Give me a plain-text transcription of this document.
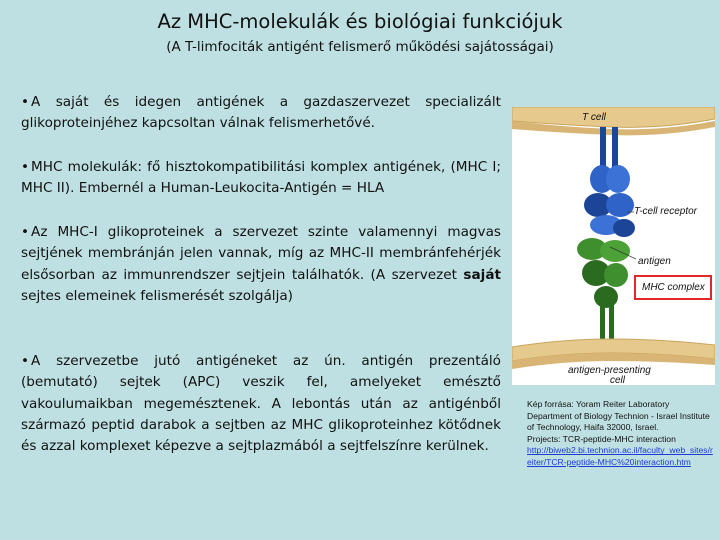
Az MHC-molekulák és biológiai funkciójuk
(A T-limfociták antigént felismerő működési sajátosságai)
• A saját és idegen antigének a gazdaszervezet specializált glikoproteinjéhez kapcsoltan válnak felismerhetővé.
• MHC molekulák: fő hisztokompatibilitási komplex antigének, (MHC I; MHC II). Embernél a Human-Leukocita-Antigén = HLA
• Az MHC-I glikoproteinek a szervezet szinte valamennyi magvas sejtjének membránján jelen vannak, míg az MHC-II membránfehérjék elsősorban az immunrendszer sejtjein találhatók. (A szervezet saját sejtes elemeinek felismerését szolgálja)
• A szervezetbe jutó antigéneket az ún. antigén prezentáló (bemutató) sejtek (APC) veszik fel, amelyeket emésztő vakoulumaikban megemésztenek. A lebontás után az antigénből származó peptid darabok a sejtben az MHC glikoproteinhez kötődnek és azzal komplexet képezve a sejtplazmából a sejtfelszínre kerülnek.
T cell
T-cell receptor
antigen
MHC complex
antigen-presenting
cell
Kép forrása: Yoram Reiter Laboratory
Department of Biology Technion - Israel Institute of Technology, Haifa 32000, Israel.
Projects: TCR-peptide-MHC interaction
http://biweb2.bi.technion.ac.il/faculty_web_sites/reiter/TCR-peptide-MHC%20interaction.htm
